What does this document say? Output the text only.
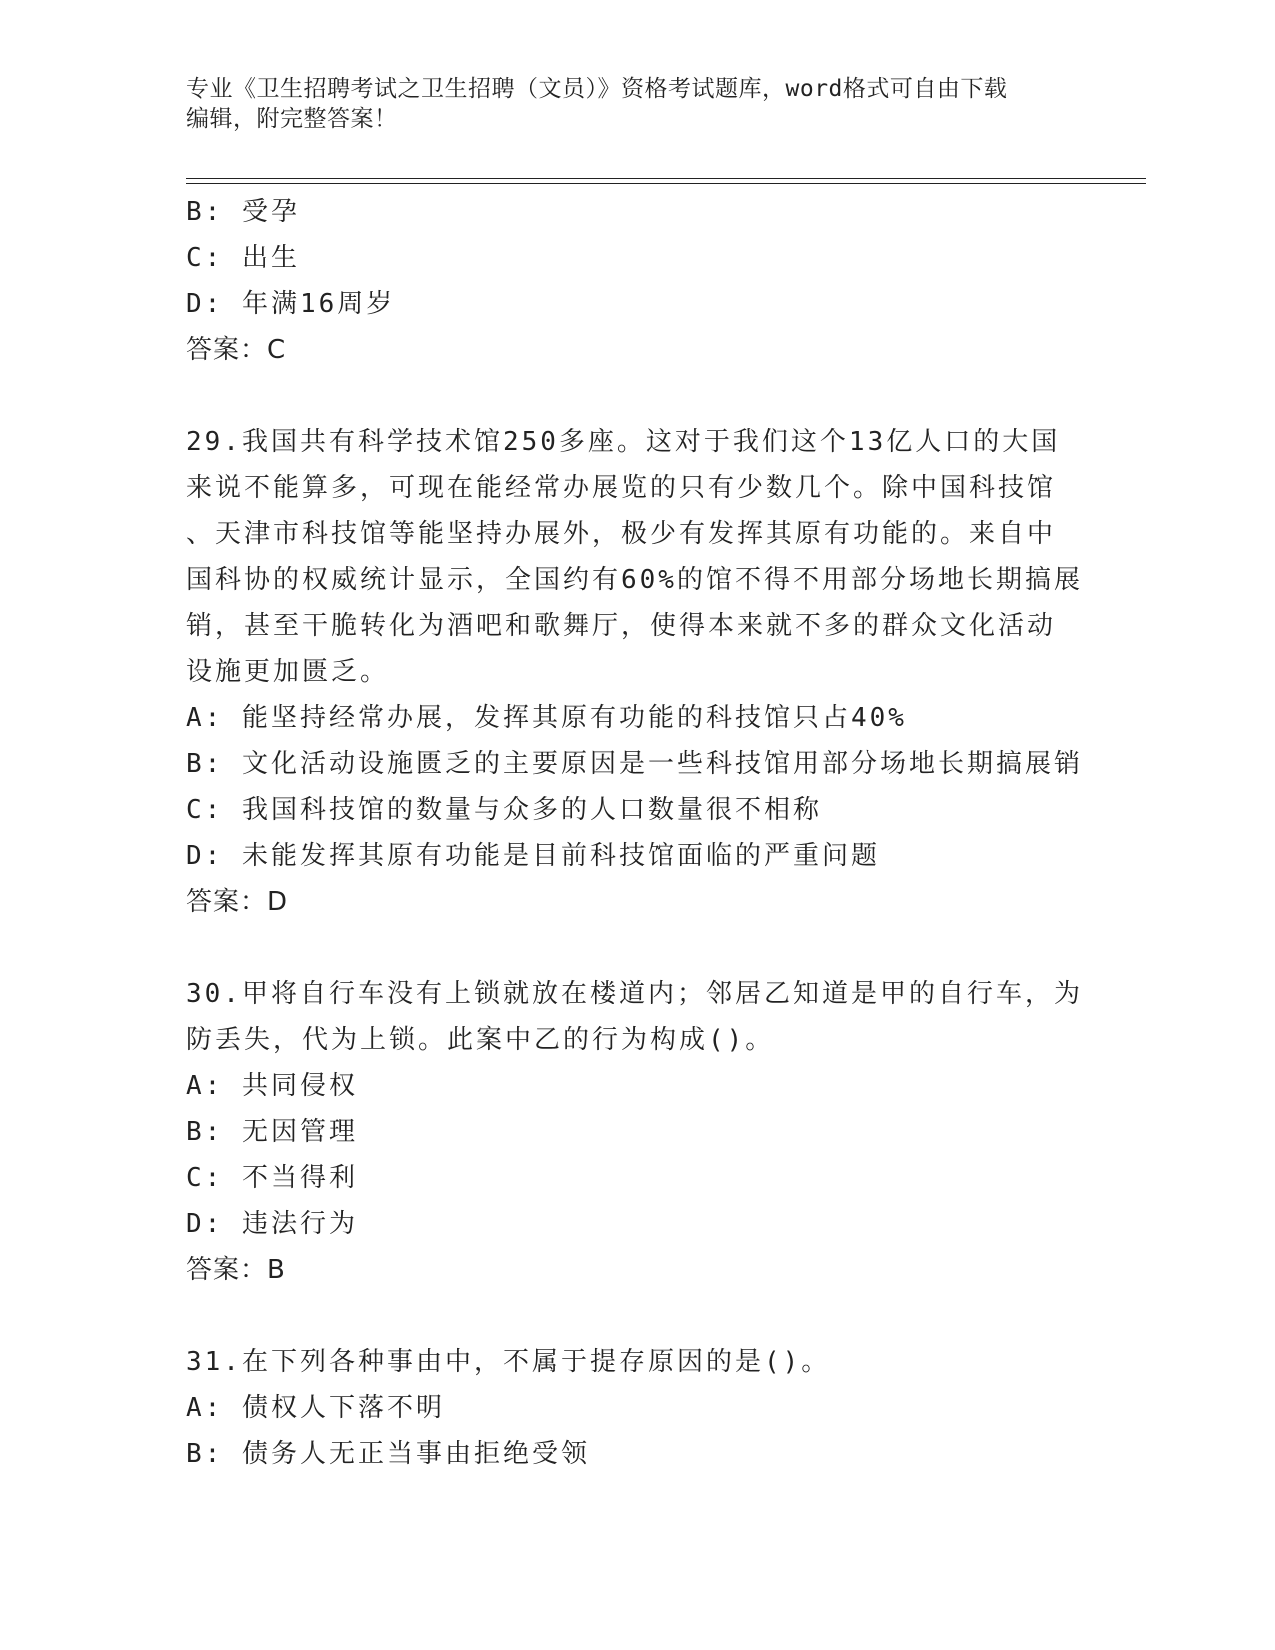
专业《卫生招聘考试之卫生招聘（文员）》资格考试题库，word格式可自由下载
编辑，附完整答案！
B: 受孕
C: 出生
D: 年满16周岁
答案：C
29.我国共有科学技术馆250多座。这对于我们这个13亿人口的大国
来说不能算多，可现在能经常办展览的只有少数几个。除中国科技馆
、天津市科技馆等能坚持办展外，极少有发挥其原有功能的。来自中
国科协的权威统计显示，全国约有60%的馆不得不用部分场地长期搞展
销，甚至干脆转化为酒吧和歌舞厅，使得本来就不多的群众文化活动
设施更加匮乏。
A: 能坚持经常办展，发挥其原有功能的科技馆只占40%
B: 文化活动设施匮乏的主要原因是一些科技馆用部分场地长期搞展销
C: 我国科技馆的数量与众多的人口数量很不相称
D: 未能发挥其原有功能是目前科技馆面临的严重问题
答案：D
30.甲将自行车没有上锁就放在楼道内；邻居乙知道是甲的自行车，为
防丢失，代为上锁。此案中乙的行为构成()。
A: 共同侵权
B: 无因管理
C: 不当得利
D: 违法行为
答案：B
31.在下列各种事由中，不属于提存原因的是()。
A: 债权人下落不明
B: 债务人无正当事由拒绝受领
